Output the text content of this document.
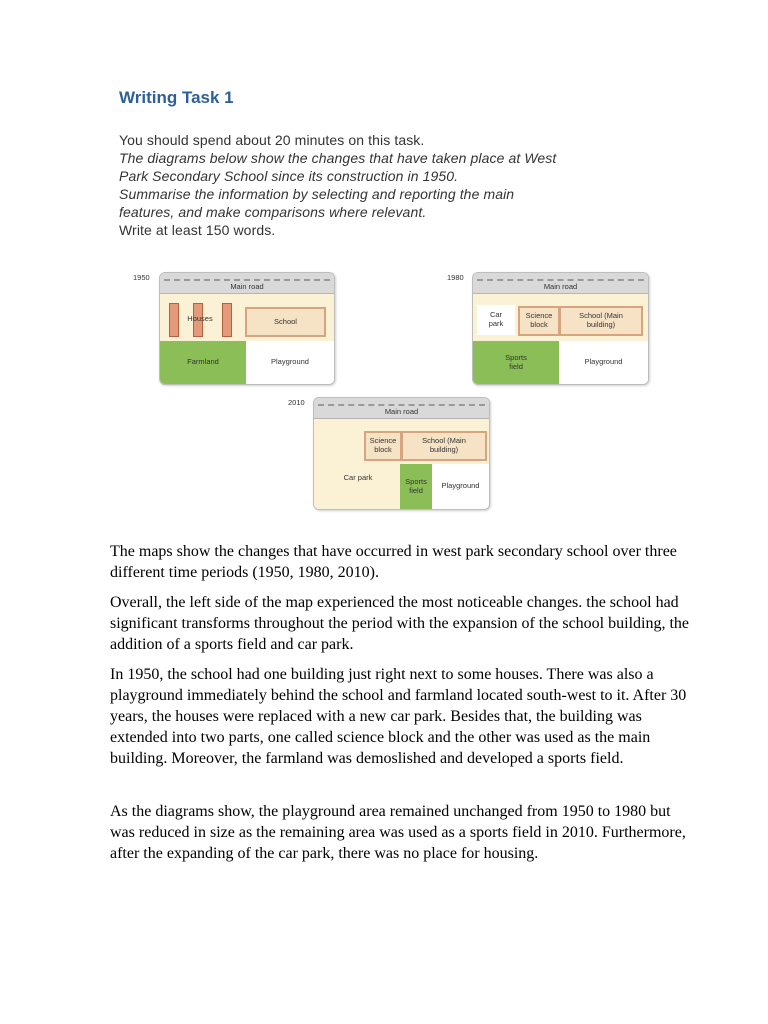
Writing Task 1
You should spend about 20 minutes on this task.
The diagrams below show the changes that have taken place at West
Park Secondary School since its construction in 1950.
Summarise the information by selecting and reporting the main
features, and make comparisons where relevant.
Write at least 150 words.
1950
Main road
Houses	School
Farmland	Playground
1980
Main road
Car park
Science block
School (Main building)
Sports field	Playground
2010
Main road
Science block
School (Main building)
Car park	Sports field	Playground

The maps show the changes that have occurred in west park secondary school over three different time periods (1950, 1980, 2010).

Overall, the left side of the map experienced the most noticeable changes. the school had significant transforms throughout the period with the expansion of the school building, the addition of a sports field and car park.

In 1950, the school had one building just right next to some houses. There was also a playground immediately behind the school and farmland located south-west to it. After 30 years, the houses were replaced with a new car park. Besides that, the building was extended into two parts, one called science block and the other was used as the main building. Moreover, the farmland was demoslished and developed a sports field.

As the diagrams show, the playground area remained unchanged from 1950 to 1980 but was reduced in size as the remaining area was used as a sports field in 2010. Furthermore, after the expanding of the car park, there was no place for housing.
